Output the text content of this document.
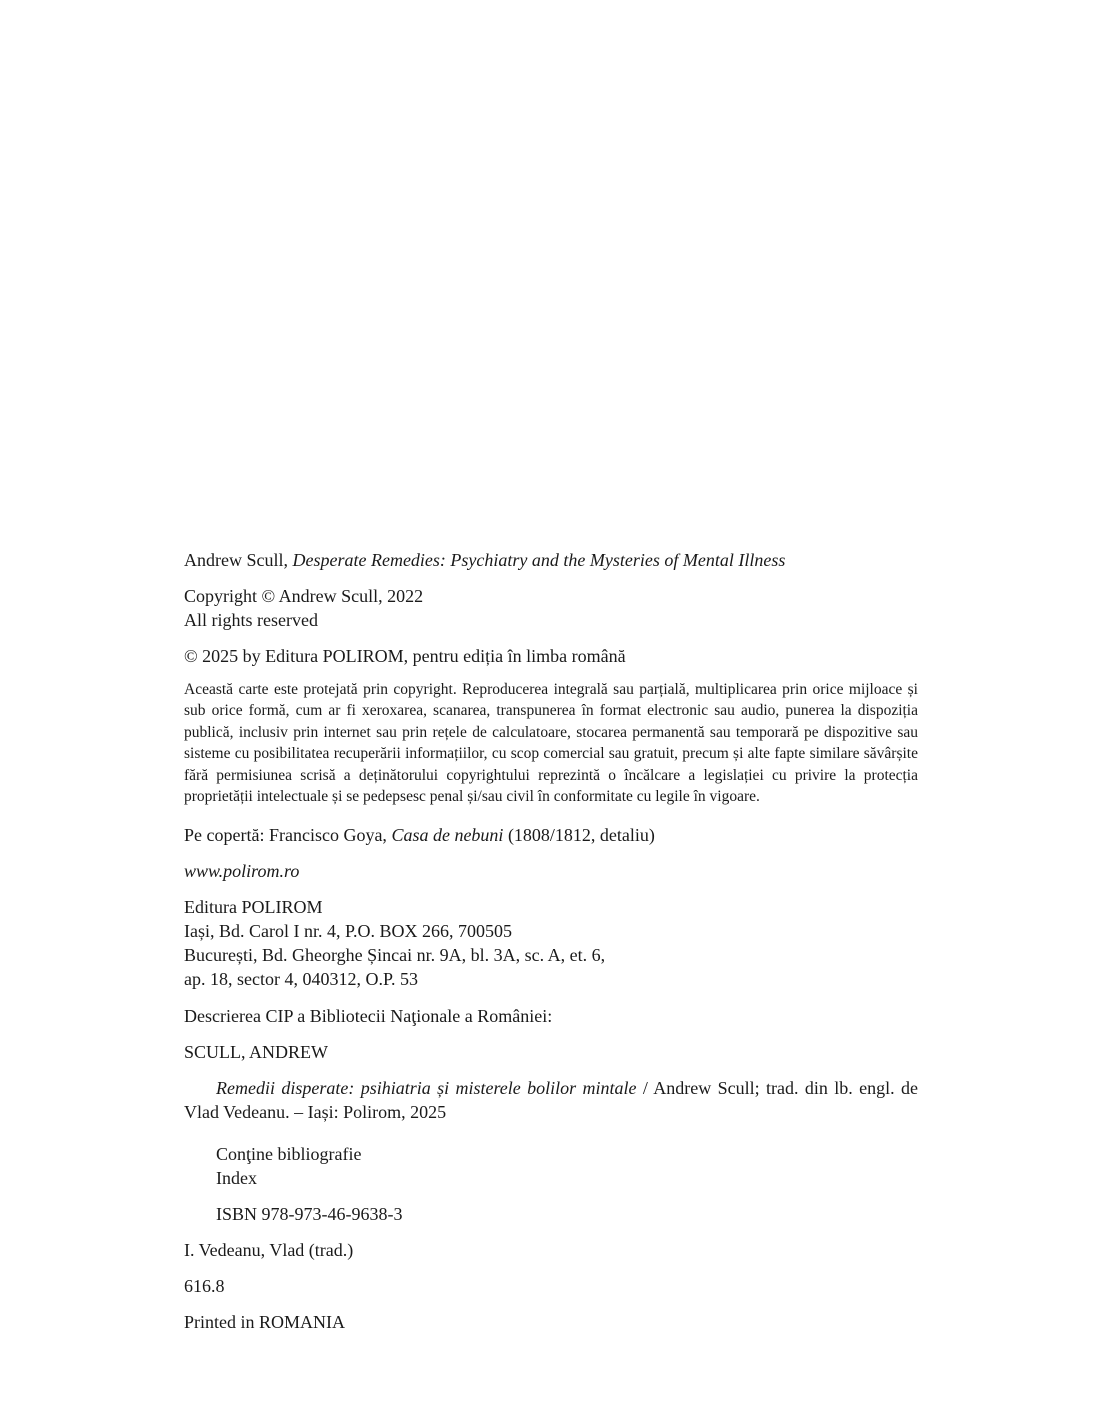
Andrew Scull, Desperate Remedies: Psychiatry and the Mysteries of Mental Illness

Copyright © Andrew Scull, 2022

All rights reserved

© 2025 by Editura POLIROM, pentru ediția în limba română

Această carte este protejată prin copyright. Reproducerea integrală sau parțială, multiplicarea prin orice mijloace și sub orice formă, cum ar fi xeroxarea, scanarea, transpunerea în format electronic sau audio, punerea la dispoziția publică, inclusiv prin internet sau prin rețele de calculatoare, stocarea permanentă sau temporară pe dispozitive sau sisteme cu posibilitatea recuperării informațiilor, cu scop comercial sau gratuit, precum și alte fapte similare săvârșite fără permisiunea scrisă a deținătorului copyrightului reprezintă o încălcare a legislației cu privire la protecția proprietății intelectuale și se pedepsesc penal și/sau civil în conformitate cu legile în vigoare.

Pe copertă: Francisco Goya, Casa de nebuni (1808/1812, detaliu)

www.polirom.ro

Editura POLIROM

Iași, Bd. Carol I nr. 4, P.O. BOX 266, 700505

București, Bd. Gheorghe Șincai nr. 9A, bl. 3A, sc. A, et. 6,

ap. 18, sector 4, 040312, O.P. 53

Descrierea CIP a Bibliotecii Naţionale a României:

SCULL, ANDREW

Remedii disperate: psihiatria și misterele bolilor mintale / Andrew Scull; trad. din lb. engl. de Vlad Vedeanu. – Iași: Polirom, 2025

Conţine bibliografie

Index

ISBN 978-973-46-9638-3

I. Vedeanu, Vlad (trad.)

616.8

Printed in ROMANIA
